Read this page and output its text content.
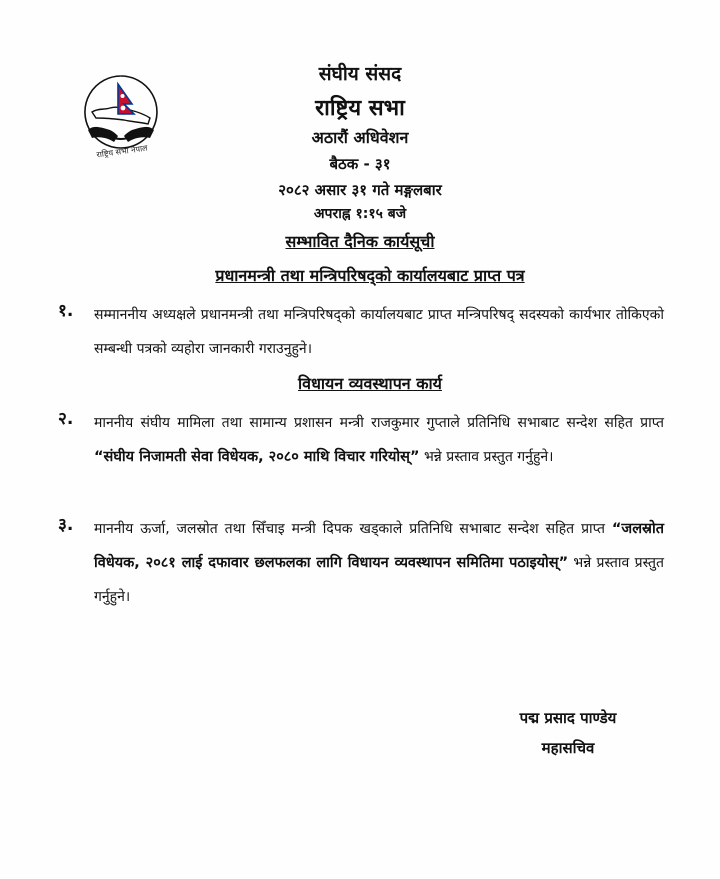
राष्ट्रिय सभा नेपाल
संघीय संसद
राष्ट्रिय सभा
अठारौं अधिवेशन
बैठक - ३१
२०८२ असार ३१ गते मङ्गलबार
अपराह्न १:१५ बजे
सम्भावित दैनिक कार्यसूची
प्रधानमन्त्री तथा मन्त्रिपरिषद्को कार्यालयबाट प्राप्त पत्र
१. सम्माननीय अध्यक्षले प्रधानमन्त्री तथा मन्त्रिपरिषद्को कार्यालयबाट प्राप्त मन्त्रिपरिषद् सदस्यको कार्यभार तोकिएको सम्बन्धी पत्रको व्यहोरा जानकारी गराउनुहुने।
विधायन व्यवस्थापन कार्य
२. माननीय संघीय मामिला तथा सामान्य प्रशासन मन्त्री राजकुमार गुप्ताले प्रतिनिधि सभाबाट सन्देश सहित प्राप्त “संघीय निजामती सेवा विधेयक, २०८० माथि विचार गरियोस्” भन्ने प्रस्ताव प्रस्तुत गर्नुहुने।
३. माननीय ऊर्जा, जलस्रोत तथा सिँचाइ मन्त्री दिपक खड्काले प्रतिनिधि सभाबाट सन्देश सहित प्राप्त “जलस्रोत विधेयक, २०८१ लाई दफावार छलफलका लागि विधायन व्यवस्थापन समितिमा पठाइयोस्” भन्ने प्रस्ताव प्रस्तुत गर्नुहुने।
पद्म प्रसाद पाण्डेय
महासचिव
